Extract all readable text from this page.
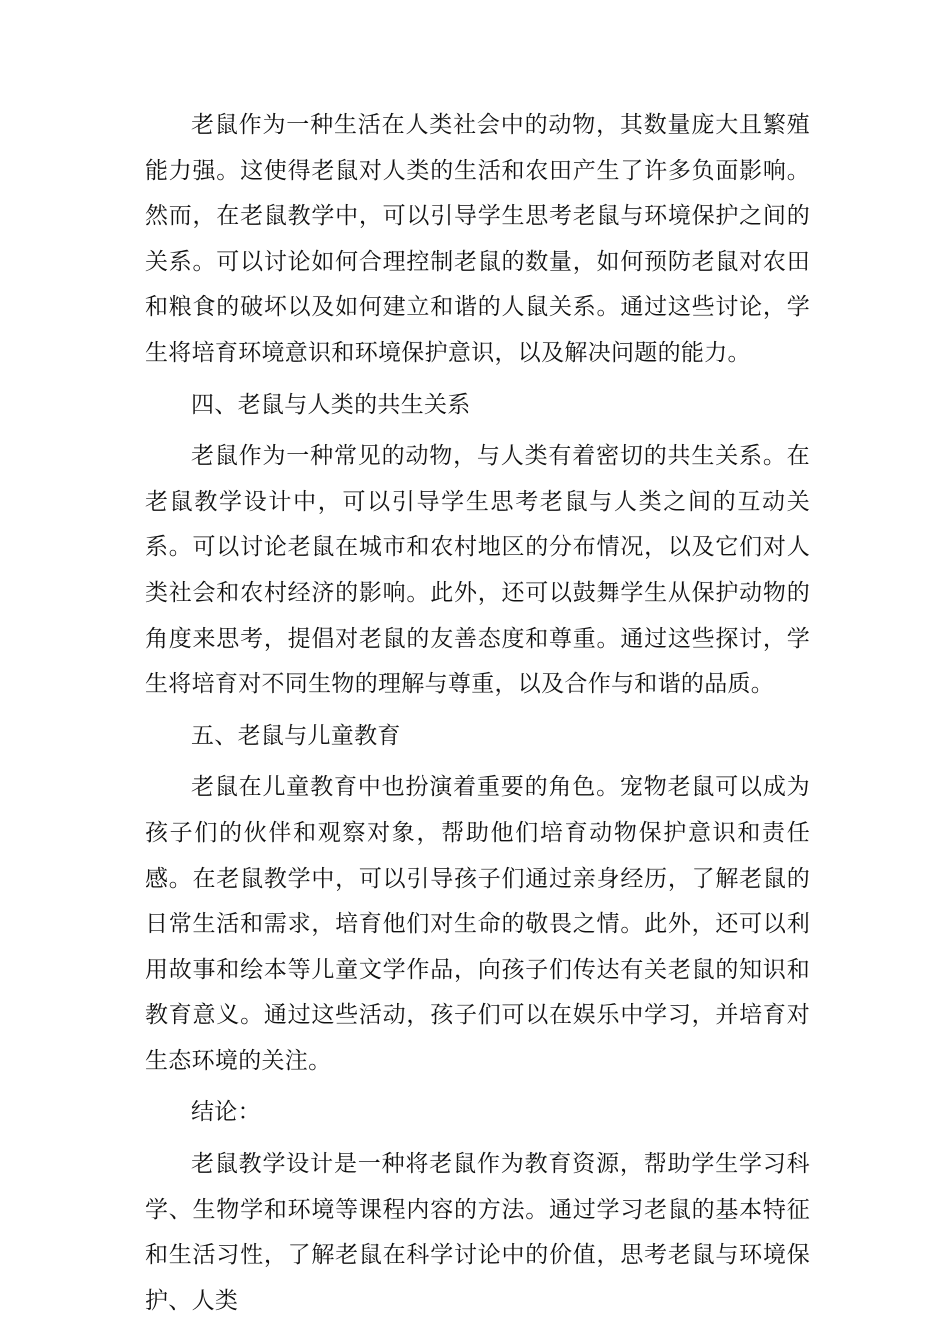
老鼠作为一种生活在人类社会中的动物，其数量庞大且繁殖能力强。这使得老鼠对人类的生活和农田产生了许多负面影响。然而，在老鼠教学中，可以引导学生思考老鼠与环境保护之间的关系。可以讨论如何合理控制老鼠的数量，如何预防老鼠对农田和粮食的破坏以及如何建立和谐的人鼠关系。通过这些讨论，学生将培育环境意识和环境保护意识，以及解决问题的能力。

四、老鼠与人类的共生关系

老鼠作为一种常见的动物，与人类有着密切的共生关系。在老鼠教学设计中，可以引导学生思考老鼠与人类之间的互动关系。可以讨论老鼠在城市和农村地区的分布情况，以及它们对人类社会和农村经济的影响。此外，还可以鼓舞学生从保护动物的角度来思考，提倡对老鼠的友善态度和尊重。通过这些探讨，学生将培育对不同生物的理解与尊重，以及合作与和谐的品质。

五、老鼠与儿童教育

老鼠在儿童教育中也扮演着重要的角色。宠物老鼠可以成为孩子们的伙伴和观察对象，帮助他们培育动物保护意识和责任感。在老鼠教学中，可以引导孩子们通过亲身经历，了解老鼠的日常生活和需求，培育他们对生命的敬畏之情。此外，还可以利用故事和绘本等儿童文学作品，向孩子们传达有关老鼠的知识和教育意义。通过这些活动，孩子们可以在娱乐中学习，并培育对生态环境的关注。

结论：

老鼠教学设计是一种将老鼠作为教育资源，帮助学生学习科学、生物学和环境等课程内容的方法。通过学习老鼠的基本特征和生活习性，了解老鼠在科学讨论中的价值，思考老鼠与环境保护、人类
